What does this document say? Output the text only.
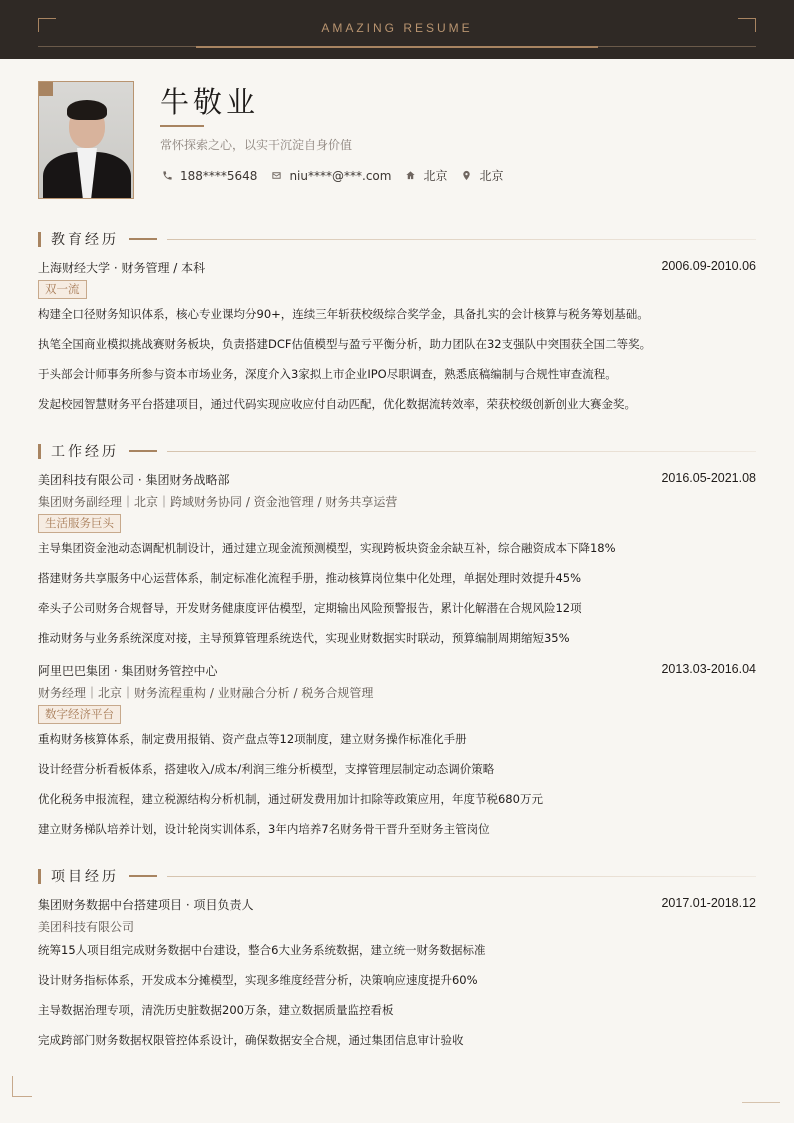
AMAZING RESUME
牛敬业
常怀探索之心，以实干沉淀自身价值
188****5648	niu****@***.com	北京	北京
教育经历
上海财经大学 · 财务管理 / 本科	2006.09-2010.06
双一流
构建全口径财务知识体系，核心专业课均分90+，连续三年斩获校级综合奖学金，具备扎实的会计核算与税务筹划基础。
执笔全国商业模拟挑战赛财务板块，负责搭建DCF估值模型与盈亏平衡分析，助力团队在32支强队中突围获全国二等奖。
于头部会计师事务所参与资本市场业务，深度介入3家拟上市企业IPO尽职调查，熟悉底稿编制与合规性审查流程。
发起校园智慧财务平台搭建项目，通过代码实现应收应付自动匹配，优化数据流转效率，荣获校级创新创业大赛金奖。
工作经历
美团科技有限公司 · 集团财务战略部	2016.05-2021.08
集团财务副经理｜北京｜跨域财务协同 / 资金池管理 / 财务共享运营
生活服务巨头
主导集团资金池动态调配机制设计，通过建立现金流预测模型，实现跨板块资金余缺互补，综合融资成本下降18%
搭建财务共享服务中心运营体系，制定标准化流程手册，推动核算岗位集中化处理，单据处理时效提升45%
牵头子公司财务合规督导，开发财务健康度评估模型，定期输出风险预警报告，累计化解潜在合规风险12项
推动财务与业务系统深度对接，主导预算管理系统迭代，实现业财数据实时联动，预算编制周期缩短35%
阿里巴巴集团 · 集团财务管控中心	2013.03-2016.04
财务经理｜北京｜财务流程重构 / 业财融合分析 / 税务合规管理
数字经济平台
重构财务核算体系，制定费用报销、资产盘点等12项制度，建立财务操作标准化手册
设计经营分析看板体系，搭建收入/成本/利润三维分析模型，支撑管理层制定动态调价策略
优化税务申报流程，建立税源结构分析机制，通过研发费用加计扣除等政策应用，年度节税680万元
建立财务梯队培养计划，设计轮岗实训体系，3年内培养7名财务骨干晋升至财务主管岗位
项目经历
集团财务数据中台搭建项目 · 项目负责人	2017.01-2018.12
美团科技有限公司
统筹15人项目组完成财务数据中台建设，整合6大业务系统数据，建立统一财务数据标准
设计财务指标体系，开发成本分摊模型，实现多维度经营分析，决策响应速度提升60%
主导数据治理专项，清洗历史脏数据200万条，建立数据质量监控看板
完成跨部门财务数据权限管控体系设计，确保数据安全合规，通过集团信息审计验收
